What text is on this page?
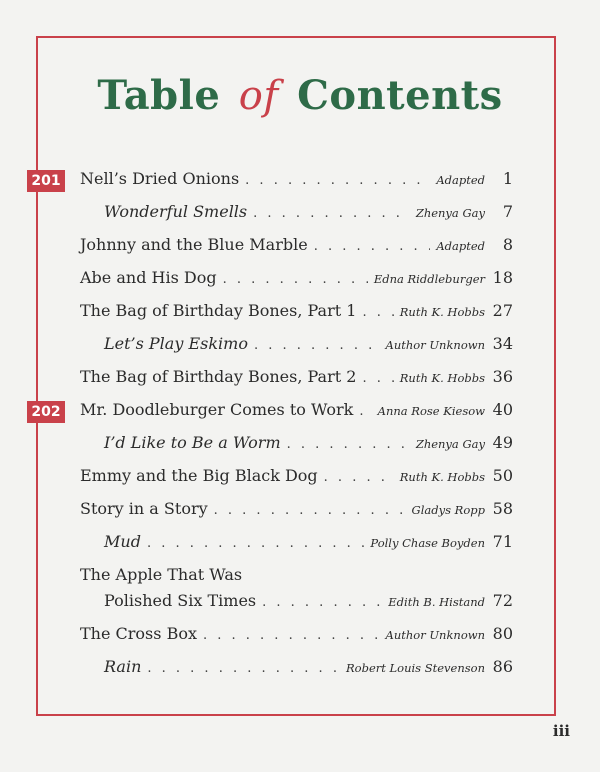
Table of Contents
201
202
Nell’s Dried Onions . . .	Adapted	1
Wonderful Smells . . .	Zhenya Gay	7
Johnny and the Blue Marble . . .	Adapted	8
Abe and His Dog . . .	Edna Riddleburger 18
The Bag of Birthday Bones, Part 1 . . .	Ruth K. Hobbs 27
Let’s Play Eskimo . . .	Author Unknown 34
The Bag of Birthday Bones, Part 2 . . .	Ruth K. Hobbs 36
Mr. Doodleburger Comes to Work . . . Anna Rose Kiesow 40
I’d Like to Be a Worm . . .	Zhenya Gay 49
Emmy and the Big Black Dog . . .	Ruth K. Hobbs 50
Story in a Story . . .	Gladys Ropp 58
Mud . . .	Polly Chase Boyden 71
The Apple That Was
Polished Six Times . . .	Edith B. Histand 72
The Cross Box . . .	Author Unknown 80
Rain . . .	Robert Louis Stevenson 86
iii
